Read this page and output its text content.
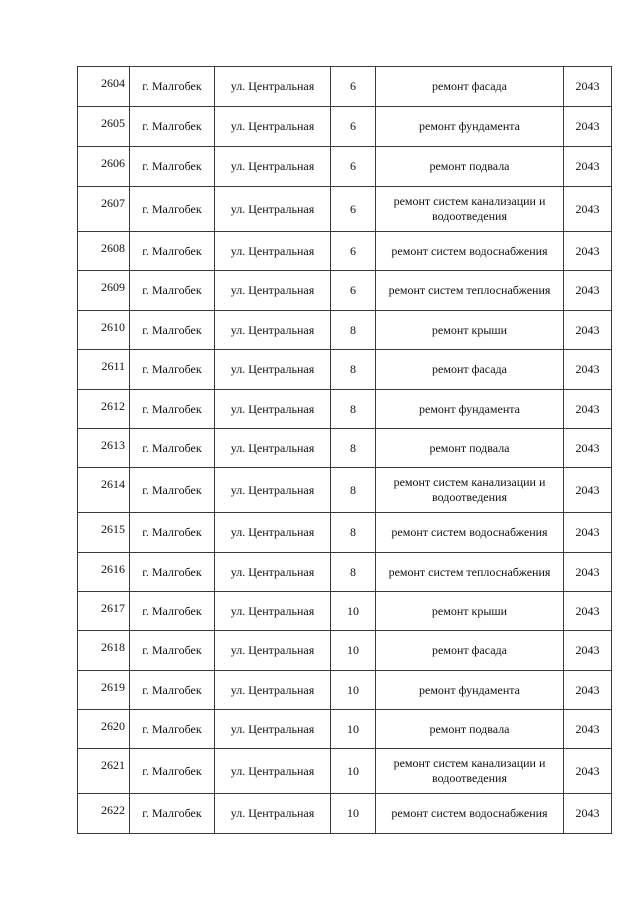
2604	г. Малгобек	ул. Центральная	6	ремонт фасада	2043
2605	г. Малгобек	ул. Центральная	6	ремонт фундамента	2043
2606	г. Малгобек	ул. Центральная	6	ремонт подвала	2043
2607	г. Малгобек	ул. Центральная	6	ремонт систем канализации и водоотведения	2043
2608	г. Малгобек	ул. Центральная	6	ремонт систем водоснабжения	2043
2609	г. Малгобек	ул. Центральная	6	ремонт систем теплоснабжения	2043
2610	г. Малгобек	ул. Центральная	8	ремонт крыши	2043
2611	г. Малгобек	ул. Центральная	8	ремонт фасада	2043
2612	г. Малгобек	ул. Центральная	8	ремонт фундамента	2043
2613	г. Малгобек	ул. Центральная	8	ремонт подвала	2043
2614	г. Малгобек	ул. Центральная	8	ремонт систем канализации и водоотведения	2043
2615	г. Малгобек	ул. Центральная	8	ремонт систем водоснабжения	2043
2616	г. Малгобек	ул. Центральная	8	ремонт систем теплоснабжения	2043
2617	г. Малгобек	ул. Центральная	10	ремонт крыши	2043
2618	г. Малгобек	ул. Центральная	10	ремонт фасада	2043
2619	г. Малгобек	ул. Центральная	10	ремонт фундамента	2043
2620	г. Малгобек	ул. Центральная	10	ремонт подвала	2043
2621	г. Малгобек	ул. Центральная	10	ремонт систем канализации и водоотведения	2043
2622	г. Малгобек	ул. Центральная	10	ремонт систем водоснабжения	2043
